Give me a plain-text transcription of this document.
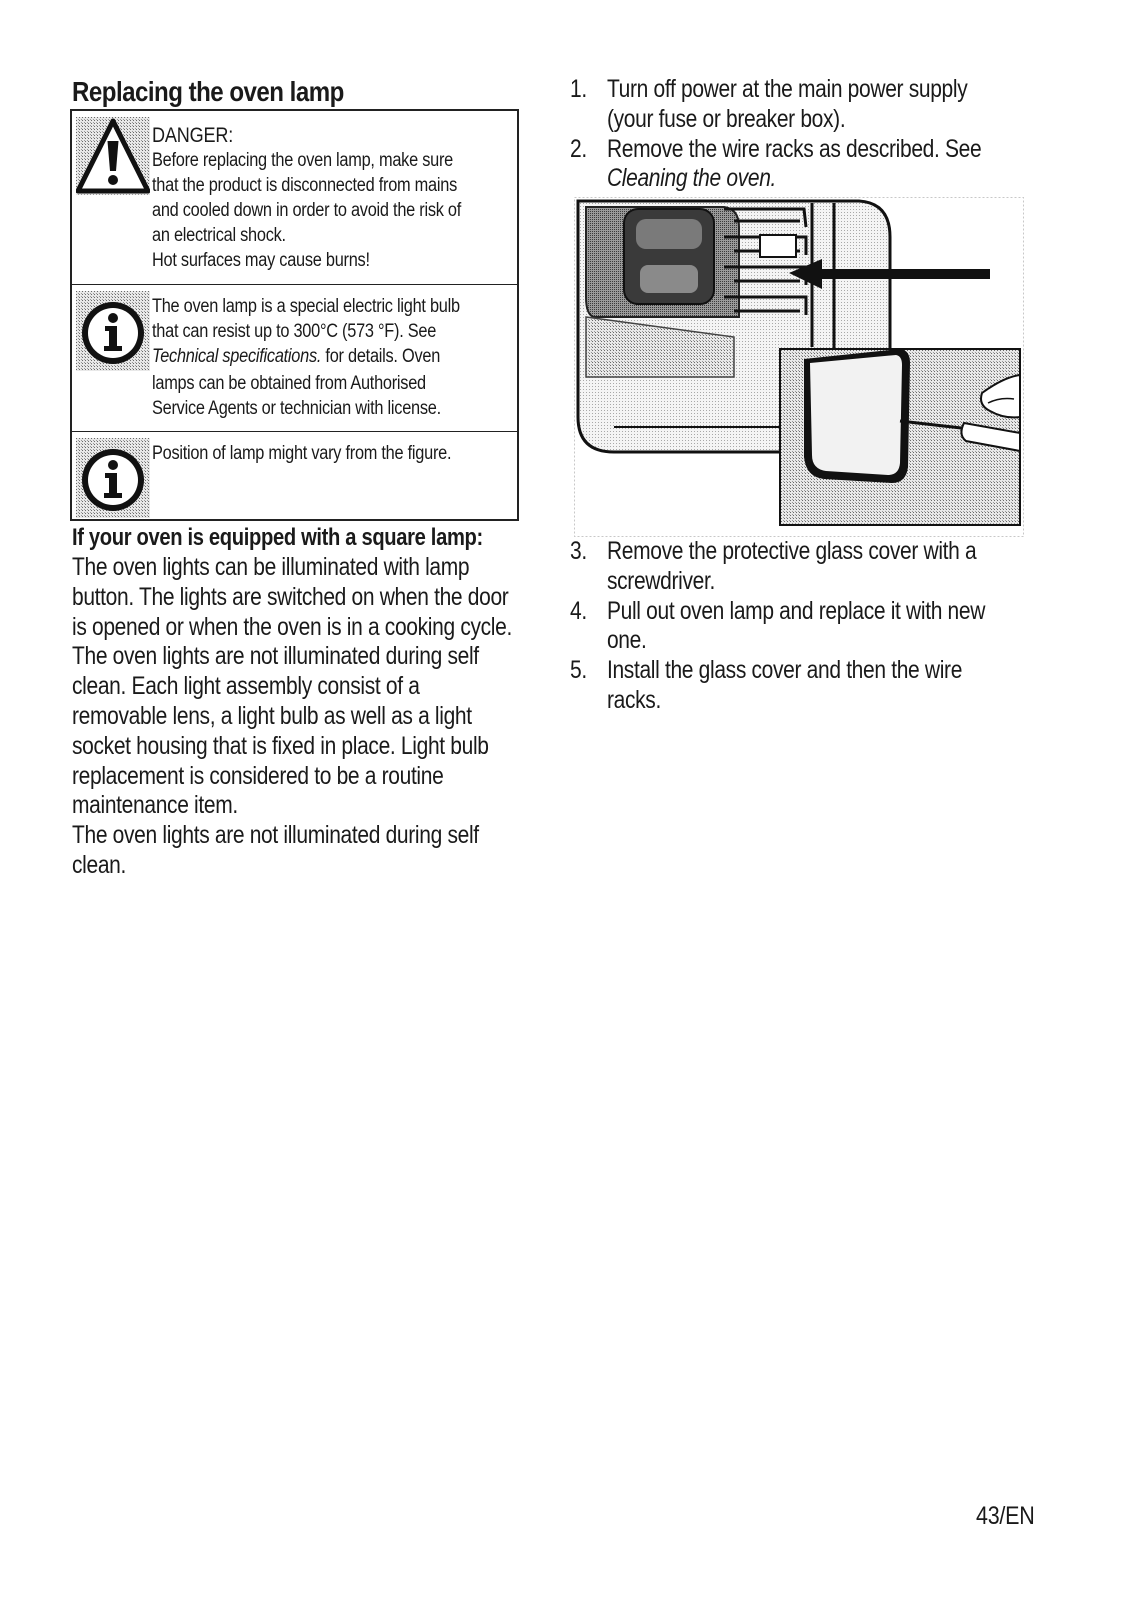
Replacing the oven lamp
DANGER:
Before replacing the oven lamp, make sure
that the product is disconnected from mains
and cooled down in order to avoid the risk of
an electrical shock.
Hot surfaces may cause burns!
The oven lamp is a special electric light bulb
that can resist up to 300°C (573 °F). See
Technical specifications. for details. Oven
lamps can be obtained from Authorised
Service Agents or technician with license.
Position of lamp might vary from the figure.
If your oven is equipped with a square lamp:

The oven lights can be illuminated with lamp
button. The lights are switched on when the door
is opened or when the oven is in a cooking cycle.
The oven lights are not illuminated during self
clean. Each light assembly consist of a
removable lens, a light bulb as well as a light
socket housing that is fixed in place. Light bulb
replacement is considered to be a routine
maintenance item.

The oven lights are not illuminated during self
clean.

1. Turn off power at the main power supply
(your fuse or breaker box).
2. Remove the wire racks as described. See
Cleaning the oven.
3. Remove the protective glass cover with a
screwdriver.
4. Pull out oven lamp and replace it with new
one.
5. Install the glass cover and then the wire
racks.
43/EN
